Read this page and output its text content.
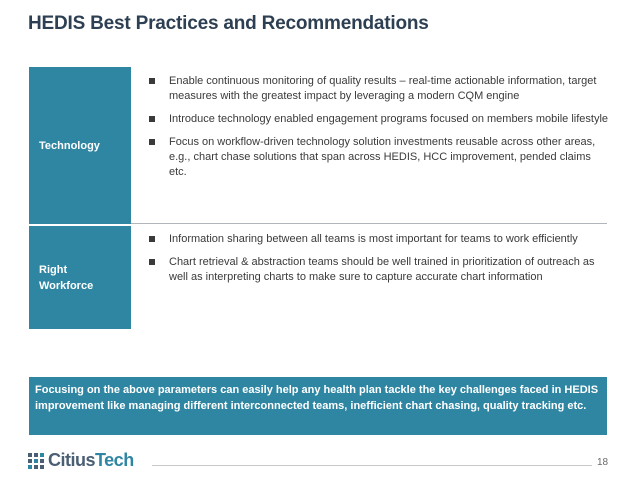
HEDIS Best Practices and Recommendations
Technology
Enable continuous monitoring of quality results – real-time actionable information, target measures with the greatest impact by leveraging a modern CQM engine
Introduce technology enabled engagement programs focused on members mobile lifestyle
Focus on workflow-driven technology solution investments reusable across other areas, e.g., chart chase solutions that span across HEDIS, HCC improvement, pended claims etc.
Right Workforce
Information sharing between all teams is most important for teams to work efficiently
Chart retrieval & abstraction teams should be well trained in prioritization of outreach as well as interpreting charts to make sure to capture accurate chart information
Focusing on the above parameters can easily help any health plan tackle the key challenges faced in HEDIS improvement like managing different interconnected teams, inefficient chart chasing, quality tracking etc.
CitiusTech	18
